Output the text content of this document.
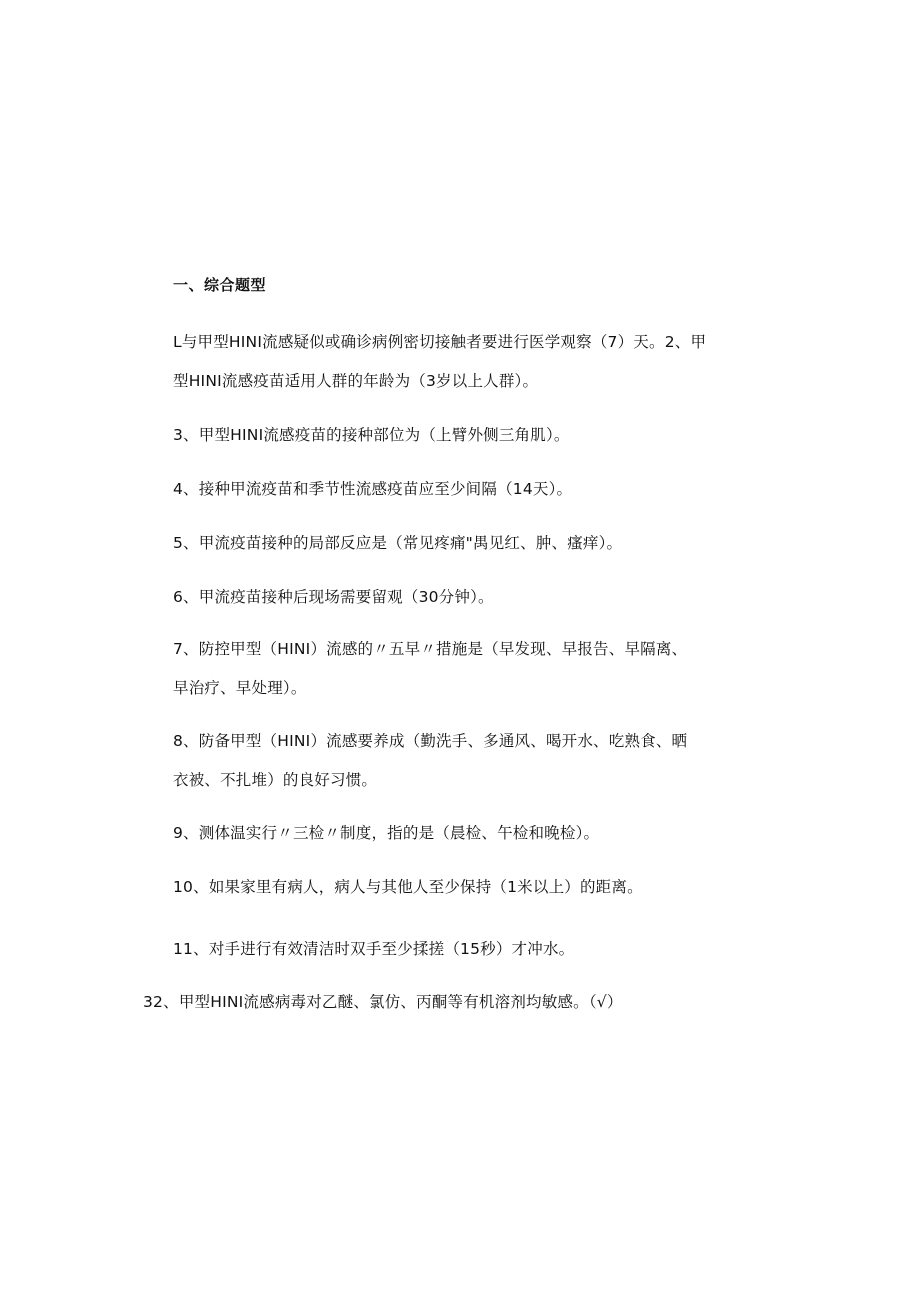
一、综合题型
L与甲型HINI流感疑似或确诊病例密切接触者要进行医学观察（7）天。2、甲
型HINI流感疫苗适用人群的年龄为（3岁以上人群）。
3、甲型HINI流感疫苗的接种部位为（上臂外侧三角肌）。
4、接种甲流疫苗和季节性流感疫苗应至少间隔（14天）。
5、甲流疫苗接种的局部反应是（常见疼痛"禺见红、肿、瘙痒）。
6、甲流疫苗接种后现场需要留观（30分钟）。
7、防控甲型（HINI）流感的〃五早〃措施是（早发现、早报告、早隔离、
早治疗、早处理）。
8、防备甲型（HINI）流感要养成（勤洗手、多通风、喝开水、吃熟食、晒
衣被、不扎堆）的良好习惯。
9、测体温实行〃三检〃制度，指的是（晨检、午检和晚检）。
10、如果家里有病人，病人与其他人至少保持（1米以上）的距离。
11、对手进行有效清洁时双手至少揉搓（15秒）才冲水。
32、甲型HINI流感病毒对乙醚、氯仿、丙酮等有机溶剂均敏感。（√）
